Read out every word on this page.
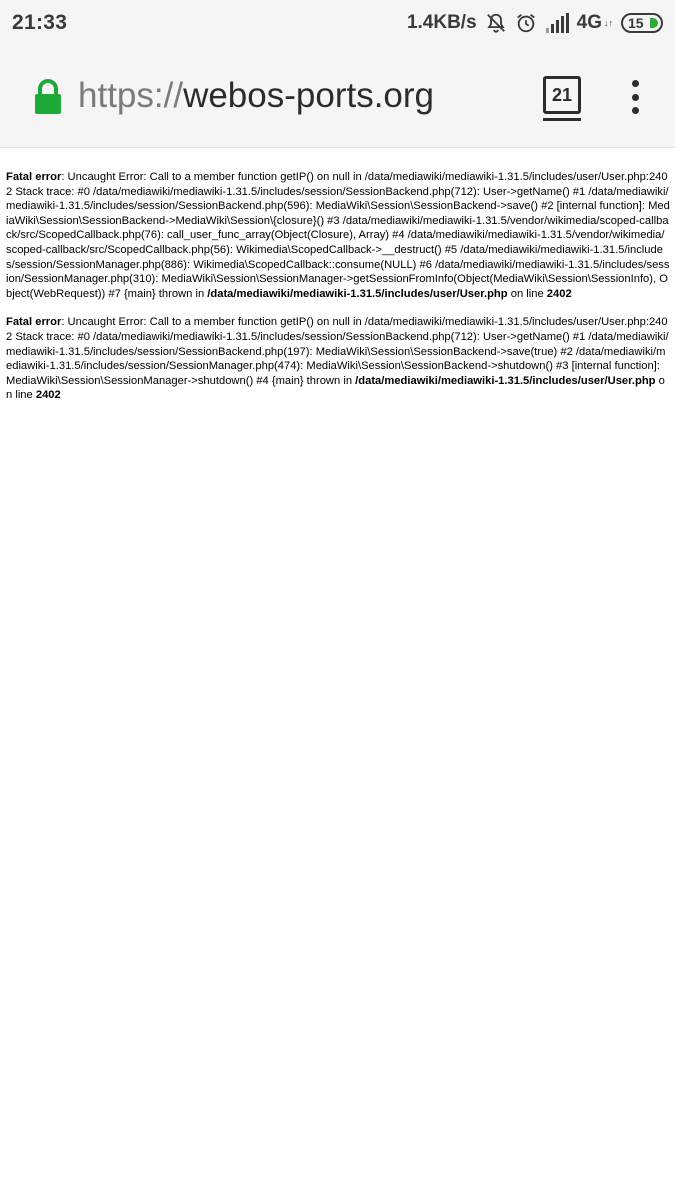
21:33	1.4KB/s	4G ↓↑ 15
https://webos-ports.org	21

Fatal error: Uncaught Error: Call to a member function getIP() on null in /data/mediawiki/mediawiki-1.31.5/includes/user/User.php:2402 Stack trace: #0 /data/mediawiki/mediawiki-1.31.5/includes/session/SessionBackend.php(712): User->getName() #1 /data/mediawiki/mediawiki-1.31.5/includes/session/SessionBackend.php(596): MediaWiki\Session\SessionBackend->save() #2 [internal function]: MediaWiki\Session\SessionBackend->MediaWiki\Session\{closure}() #3 /data/mediawiki/mediawiki-1.31.5/vendor/wikimedia/scoped-callback/src/ScopedCallback.php(76): call_user_func_array(Object(Closure), Array) #4 /data/mediawiki/mediawiki-1.31.5/vendor/wikimedia/scoped-callback/src/ScopedCallback.php(56): Wikimedia\ScopedCallback->__destruct() #5 /data/mediawiki/mediawiki-1.31.5/includes/session/SessionManager.php(886): Wikimedia\ScopedCallback::consume(NULL) #6 /data/mediawiki/mediawiki-1.31.5/includes/session/SessionManager.php(310): MediaWiki\Session\SessionManager->getSessionFromInfo(Object(MediaWiki\Session\SessionInfo), Object(WebRequest)) #7 {main} thrown in /data/mediawiki/mediawiki-1.31.5/includes/user/User.php on line 2402

Fatal error: Uncaught Error: Call to a member function getIP() on null in /data/mediawiki/mediawiki-1.31.5/includes/user/User.php:2402 Stack trace: #0 /data/mediawiki/mediawiki-1.31.5/includes/session/SessionBackend.php(712): User->getName() #1 /data/mediawiki/mediawiki-1.31.5/includes/session/SessionBackend.php(197): MediaWiki\Session\SessionBackend->save(true) #2 /data/mediawiki/mediawiki-1.31.5/includes/session/SessionManager.php(474): MediaWiki\Session\SessionBackend->shutdown() #3 [internal function]: MediaWiki\Session\SessionManager->shutdown() #4 {main} thrown in /data/mediawiki/mediawiki-1.31.5/includes/user/User.php on line 2402
